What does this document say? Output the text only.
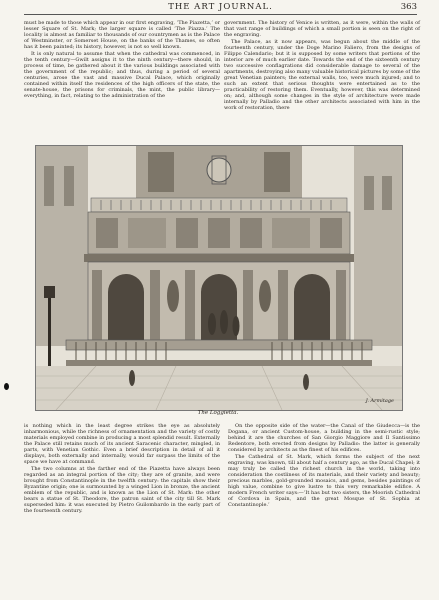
THE ART JOURNAL.	363

must be made to those which appear in our first engraving, ‘The Piazetta,’ or lesser Square of St. Mark; the larger square is called ‘The Piazza.’ The locality is almost as familiar to thousands of our countrymen as is the Palace of Westminster, or Somerset House, on the banks of the Thames, so often has it been painted; its history, however, is not so well known.

It is only natural to assume that when the cathedral was commenced, in the tenth century—Gwilt assigns it to the ninth century—there should, in process of time, be gathered about it the various buildings associated with the government of the republic; and thus, during a period of several centuries, arose the vast and massive Ducal Palace, which originally contained within itself the residences of the high officers of the state, the senate-house, the prisons for criminals, the mint, the public library—everything, in fact, relating to the administration of the

government. The history of Venice is written, as it were, within the walls of that vast range of buildings of which a small portion is seen on the right of the engraving.

The Palace, as it now appears, was begun about the middle of the fourteenth century, under the Doge Marino Faliero, from the designs of Filippo Calendario; but it is supposed by some writers that portions of the interior are of much earlier date. Towards the end of the sixteenth century two successive conflagrations did considerable damage to several of the apartments, destroying also many valuable historical pictures by some of the great Venetian painters; the external walls, too, were much injured; and to such an extent that serious thoughts were entertained as to the practicability of restoring them. Eventually, however, this was determined on; and, although some changes in the style of architecture were made internally by Palladio and the other architects associated with him in the work of restoration, there

J. Armitage
The Loggietta.

is nothing which in the least degree strikes the eye as absolutely inharmonious, while the richness of ornamentation and the variety of costly materials employed combine in producing a most splendid result. Externally the Palace still retains much of its ancient Saracenic character, mingled, in parts, with Venetian Gothic. Even a brief description in detail of all it displays, both externally and internally, would far surpass the limits of the space we have at command.

The two columns at the farther end of the Piazetta have always been regarded as an integral portion of the city; they are of granite, and were brought from Constantinople in the twelfth century: the capitals show their Byzantine origin; one is surmounted by a winged Lion in bronze, the ancient emblem of the republic, and is known as the Lion of St. Mark: the other bears a statue of St. Theodore, the patron saint of the city till St. Mark superseded him: it was executed by Pietro Guilombardo in the early part of the fourteenth century.

On the opposite side of the water—the Canal of the Giudecca—is the Dogana, or ancient Custom-house, a building in the semi-rustic style; behind it are the churches of San Giorgio Maggiore and Il Santissimo Redentore, both erected from designs by Palladio: the latter is generally considered by architects as the finest of his edifices.

The Cathedral of St. Mark, which forms the subject of the next engraving, was known, till about half a century ago, as the Ducal Chapel; it may truly be called the richest church in the world, taking into consideration the costliness of its materials, and their variety and beauty; precious marbles, gold-grounded mosaics, and gems, besides paintings of high value, combine to give lustre to this very remarkable edifice. A modern French writer says:—‘It has but two sisters, the Moorish Cathedral of Cordova in Spain, and the great Mosque of St. Sophia at Constantinople.’
